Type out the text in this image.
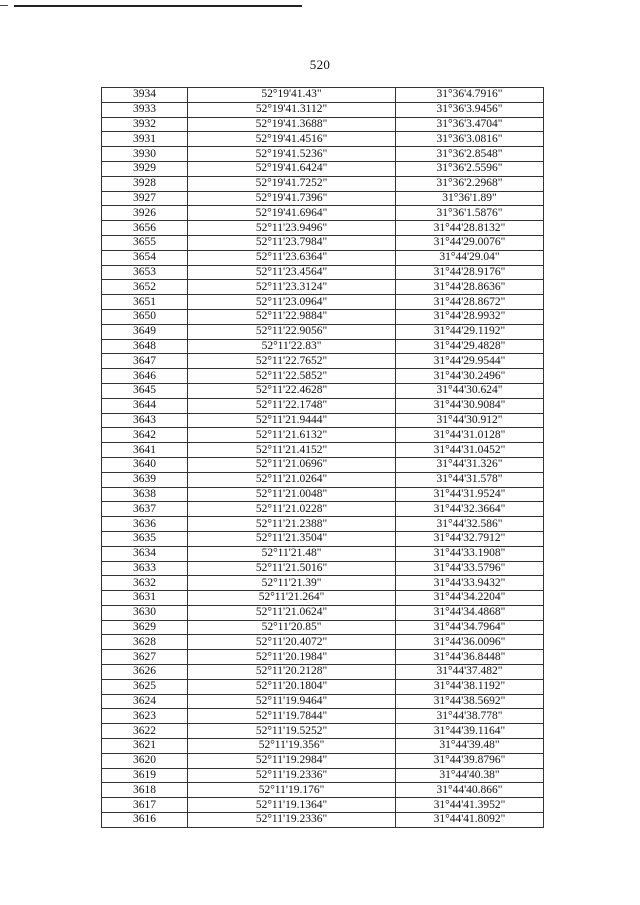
520
3934	52°19'41.43"	31°36'4.7916"
3933	52°19'41.3112"	31°36'3.9456"
3932	52°19'41.3688"	31°36'3.4704"
3931	52°19'41.4516"	31°36'3.0816"
3930	52°19'41.5236"	31°36'2.8548"
3929	52°19'41.6424"	31°36'2.5596"
3928	52°19'41.7252"	31°36'2.2968"
3927	52°19'41.7396"	31°36'1.89"
3926	52°19'41.6964"	31°36'1.5876"
3656	52°11'23.9496"	31°44'28.8132"
3655	52°11'23.7984"	31°44'29.0076"
3654	52°11'23.6364"	31°44'29.04"
3653	52°11'23.4564"	31°44'28.9176"
3652	52°11'23.3124"	31°44'28.8636"
3651	52°11'23.0964"	31°44'28.8672"
3650	52°11'22.9884"	31°44'28.9932"
3649	52°11'22.9056"	31°44'29.1192"
3648	52°11'22.83"	31°44'29.4828"
3647	52°11'22.7652"	31°44'29.9544"
3646	52°11'22.5852"	31°44'30.2496"
3645	52°11'22.4628"	31°44'30.624"
3644	52°11'22.1748"	31°44'30.9084"
3643	52°11'21.9444"	31°44'30.912"
3642	52°11'21.6132"	31°44'31.0128"
3641	52°11'21.4152"	31°44'31.0452"
3640	52°11'21.0696"	31°44'31.326"
3639	52°11'21.0264"	31°44'31.578"
3638	52°11'21.0048"	31°44'31.9524"
3637	52°11'21.0228"	31°44'32.3664"
3636	52°11'21.2388"	31°44'32.586"
3635	52°11'21.3504"	31°44'32.7912"
3634	52°11'21.48"	31°44'33.1908"
3633	52°11'21.5016"	31°44'33.5796"
3632	52°11'21.39"	31°44'33.9432"
3631	52°11'21.264"	31°44'34.2204"
3630	52°11'21.0624"	31°44'34.4868"
3629	52°11'20.85"	31°44'34.7964"
3628	52°11'20.4072"	31°44'36.0096"
3627	52°11'20.1984"	31°44'36.8448"
3626	52°11'20.2128"	31°44'37.482"
3625	52°11'20.1804"	31°44'38.1192"
3624	52°11'19.9464"	31°44'38.5692"
3623	52°11'19.7844"	31°44'38.778"
3622	52°11'19.5252"	31°44'39.1164"
3621	52°11'19.356"	31°44'39.48"
3620	52°11'19.2984"	31°44'39.8796"
3619	52°11'19.2336"	31°44'40.38"
3618	52°11'19.176"	31°44'40.866"
3617	52°11'19.1364"	31°44'41.3952"
3616	52°11'19.2336"	31°44'41.8092"
